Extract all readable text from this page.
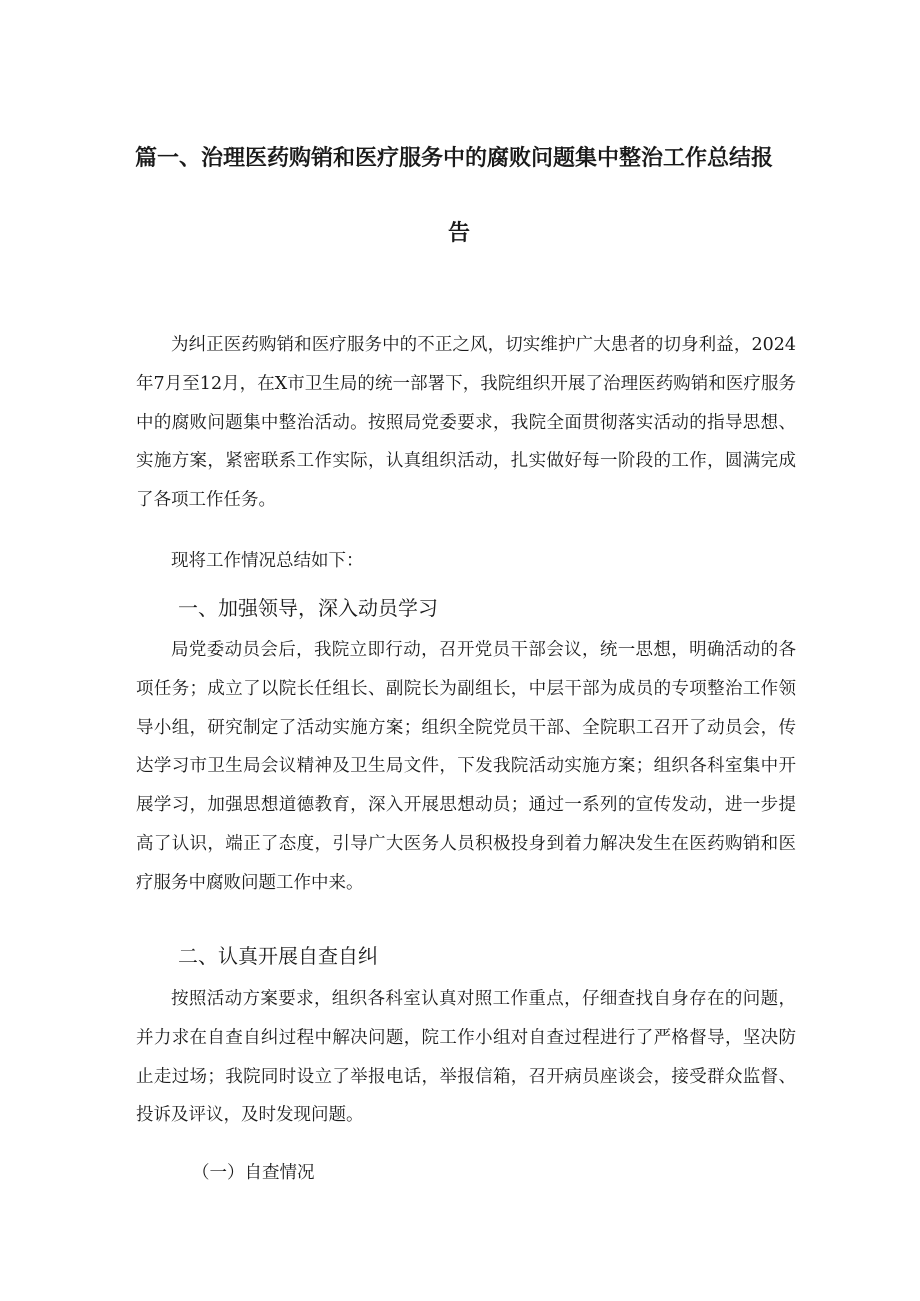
篇一、治理医药购销和医疗服务中的腐败问题集中整治工作总结报
告

为纠正医药购销和医疗服务中的不正之风，切实维护广大患者的切身利益，2024年7月至12月，在X市卫生局的统一部署下，我院组织开展了治理医药购销和医疗服务中的腐败问题集中整治活动。按照局党委要求，我院全面贯彻落实活动的指导思想、实施方案，紧密联系工作实际，认真组织活动，扎实做好每一阶段的工作，圆满完成了各项工作任务。

现将工作情况总结如下：

一、加强领导，深入动员学习

局党委动员会后，我院立即行动，召开党员干部会议，统一思想，明确活动的各项任务；成立了以院长任组长、副院长为副组长，中层干部为成员的专项整治工作领导小组，研究制定了活动实施方案；组织全院党员干部、全院职工召开了动员会，传达学习市卫生局会议精神及卫生局文件，下发我院活动实施方案；组织各科室集中开展学习，加强思想道德教育，深入开展思想动员；通过一系列的宣传发动，进一步提高了认识，端正了态度，引导广大医务人员积极投身到着力解决发生在医药购销和医疗服务中腐败问题工作中来。

二、认真开展自查自纠

按照活动方案要求，组织各科室认真对照工作重点，仔细查找自身存在的问题，并力求在自查自纠过程中解决问题，院工作小组对自查过程进行了严格督导，坚决防止走过场；我院同时设立了举报电话，举报信箱，召开病员座谈会，接受群众监督、投诉及评议，及时发现问题。

（一）自查情况
